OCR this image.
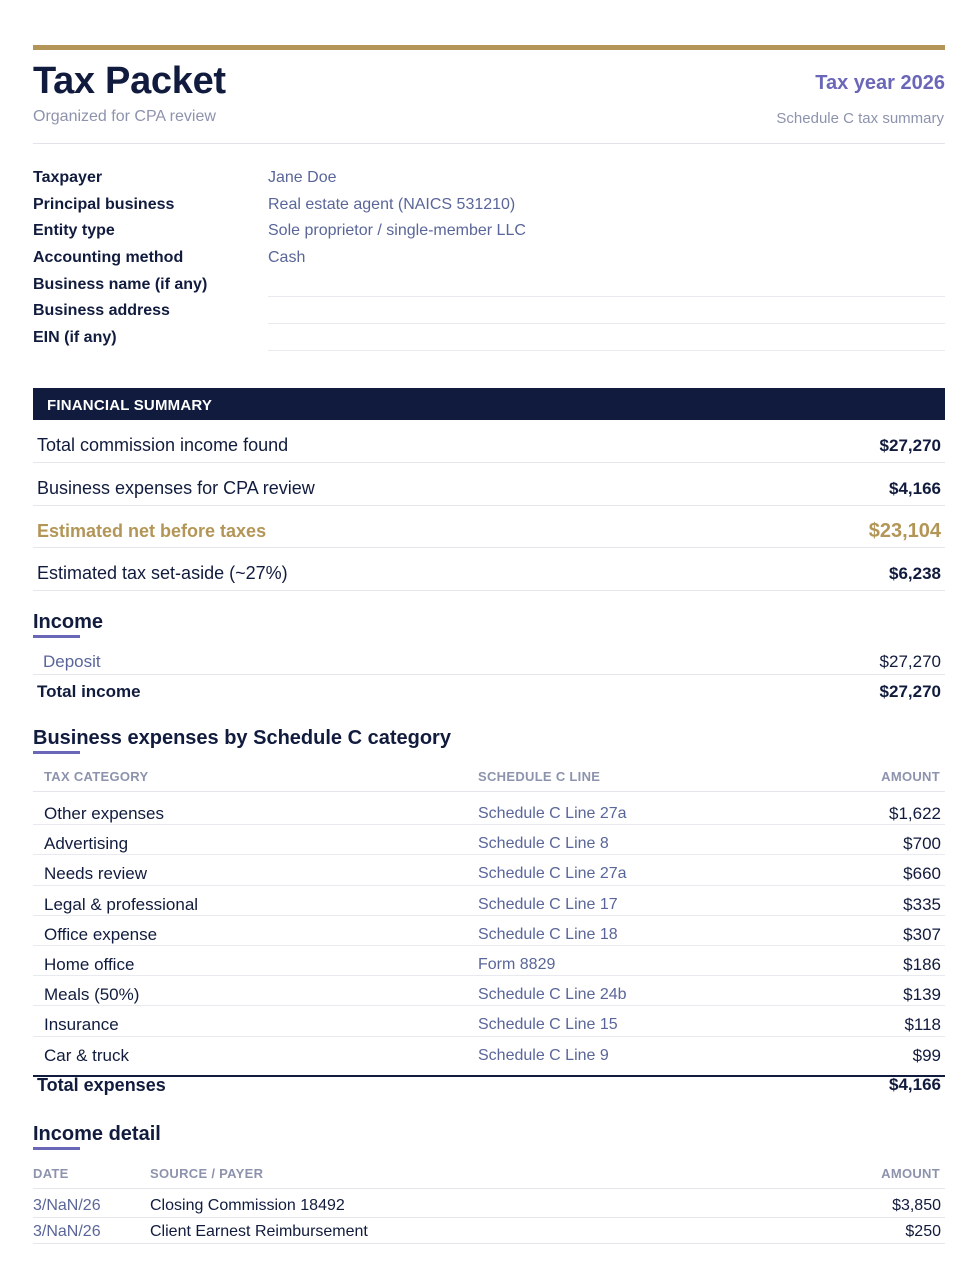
Tax Packet
Organized for CPA review
Tax year 2026
Schedule C tax summary
Taxpayer	Jane Doe
Principal business	Real estate agent (NAICS 531210)
Entity type	Sole proprietor / single-member LLC
Accounting method	Cash
Business name (if any)
Business address
EIN (if any)
FINANCIAL SUMMARY
Total commission income found	$27,270
Business expenses for CPA review	$4,166
Estimated net before taxes	$23,104
Estimated tax set-aside (~27%)	$6,238
Income
Deposit	$27,270
Total income	$27,270
Business expenses by Schedule C category
TAX CATEGORY	SCHEDULE C LINE	AMOUNT
Other expenses	Schedule C Line 27a	$1,622
Advertising	Schedule C Line 8	$700
Needs review	Schedule C Line 27a	$660
Legal & professional	Schedule C Line 17	$335
Office expense	Schedule C Line 18	$307
Home office	Form 8829	$186
Meals (50%)	Schedule C Line 24b	$139
Insurance	Schedule C Line 15	$118
Car & truck	Schedule C Line 9	$99
Total expenses	$4,166
Income detail
DATE	SOURCE / PAYER	AMOUNT
3/NaN/26	Closing Commission 18492	$3,850
3/NaN/26	Client Earnest Reimbursement	$250
